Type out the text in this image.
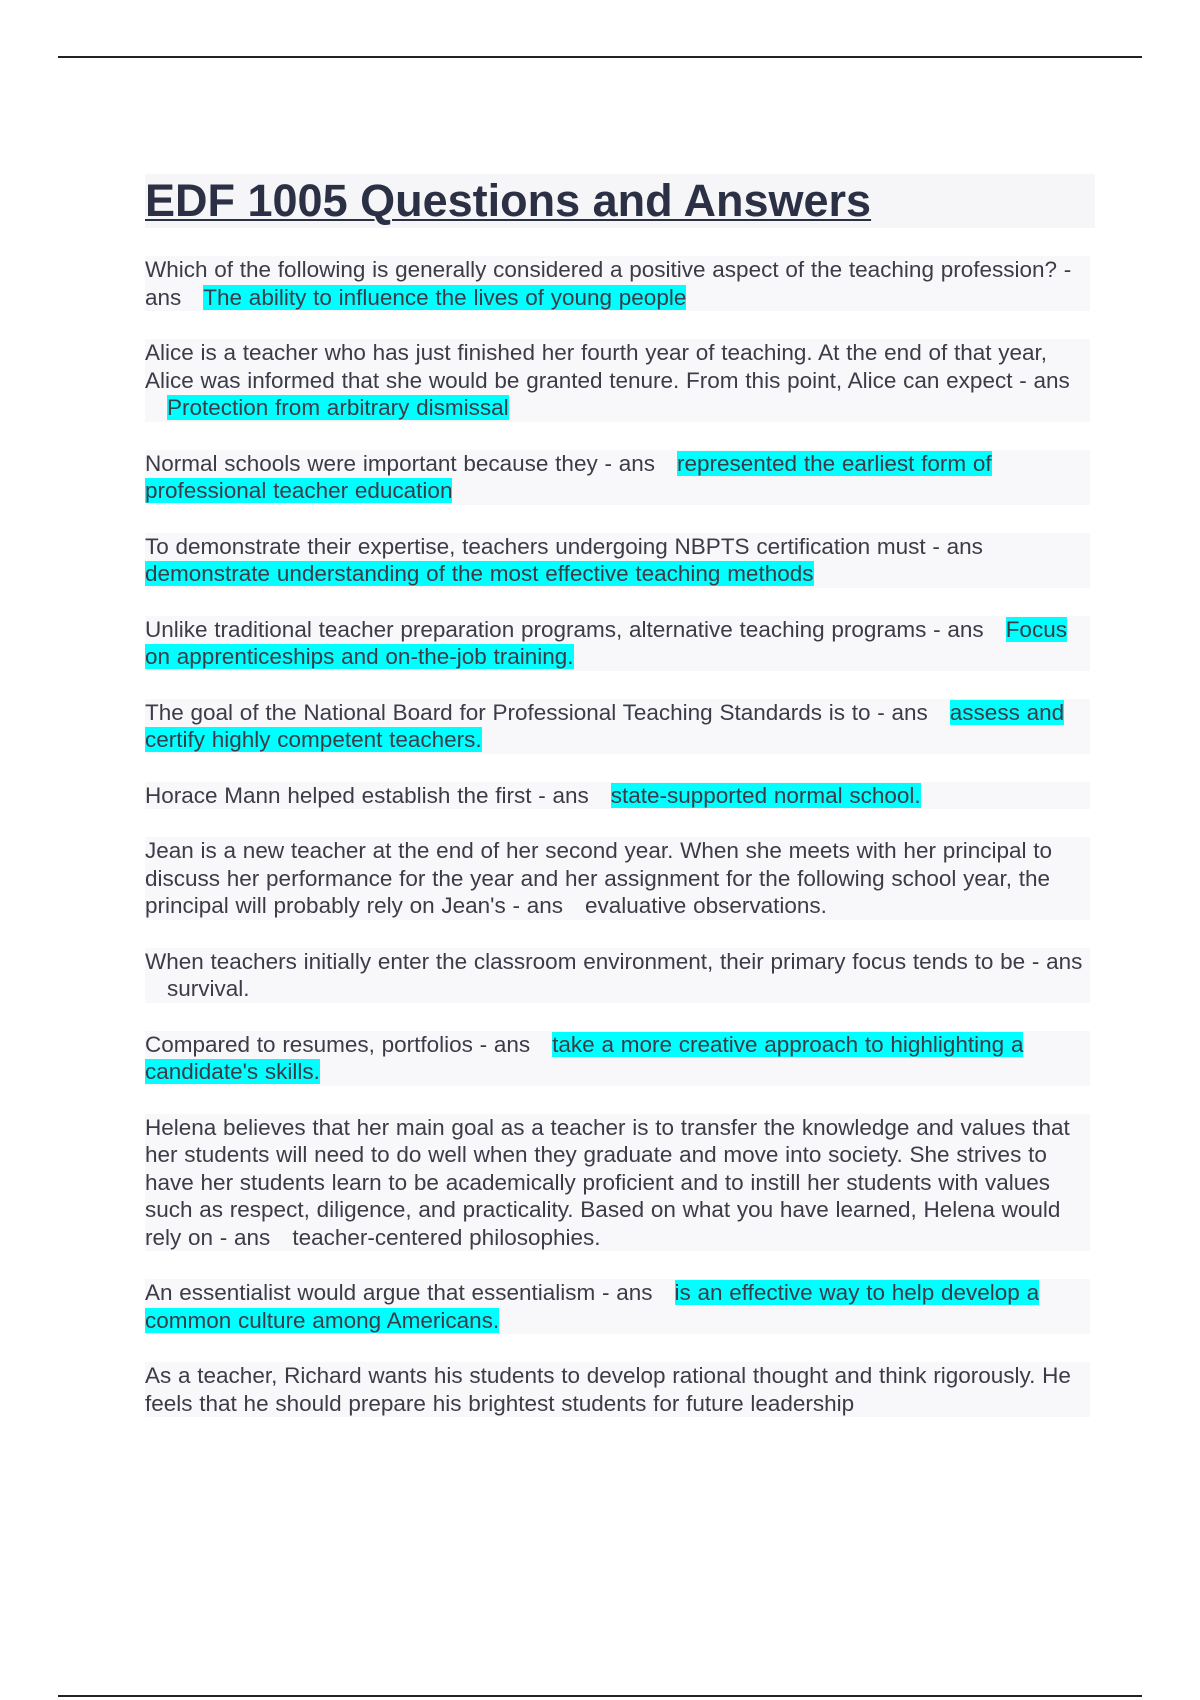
EDF 1005 Questions and Answers

Which of the following is generally considered a positive aspect of the teaching profession? - ans The ability to influence the lives of young people

Alice is a teacher who has just finished her fourth year of teaching. At the end of that year, Alice was informed that she would be granted tenure. From this point, Alice can expect - ansProtection from arbitrary dismissal

Normal schools were important because they - ans represented the earliest form of professional teacher education

To demonstrate their expertise, teachers undergoing NBPTS certification must - ansdemonstrate understanding of the most effective teaching methods

Unlike traditional teacher preparation programs, alternative teaching programs - ans Focus on apprenticeships and on-the-job training.

The goal of the National Board for Professional Teaching Standards is to - ans assess and certify highly competent teachers.

Horace Mann helped establish the first - ans state-supported normal school.

Jean is a new teacher at the end of her second year. When she meets with her principal to discuss her performance for the year and her assignment for the following school year, the principal will probably rely on Jean's - ans evaluative observations.

When teachers initially enter the classroom environment, their primary focus tends to be - anssurvival.

Compared to resumes, portfolios - ans take a more creative approach to highlighting a candidate's skills.

Helena believes that her main goal as a teacher is to transfer the knowledge and values that her students will need to do well when they graduate and move into society. She strives to have her students learn to be academically proficient and to instill her students with values such as respect, diligence, and practicality. Based on what you have learned, Helena would rely on - ans teacher-centered philosophies.

An essentialist would argue that essentialism - ans is an effective way to help develop a common culture among Americans.

As a teacher, Richard wants his students to develop rational thought and think rigorously. He feels that he should prepare his brightest students for future leadership
